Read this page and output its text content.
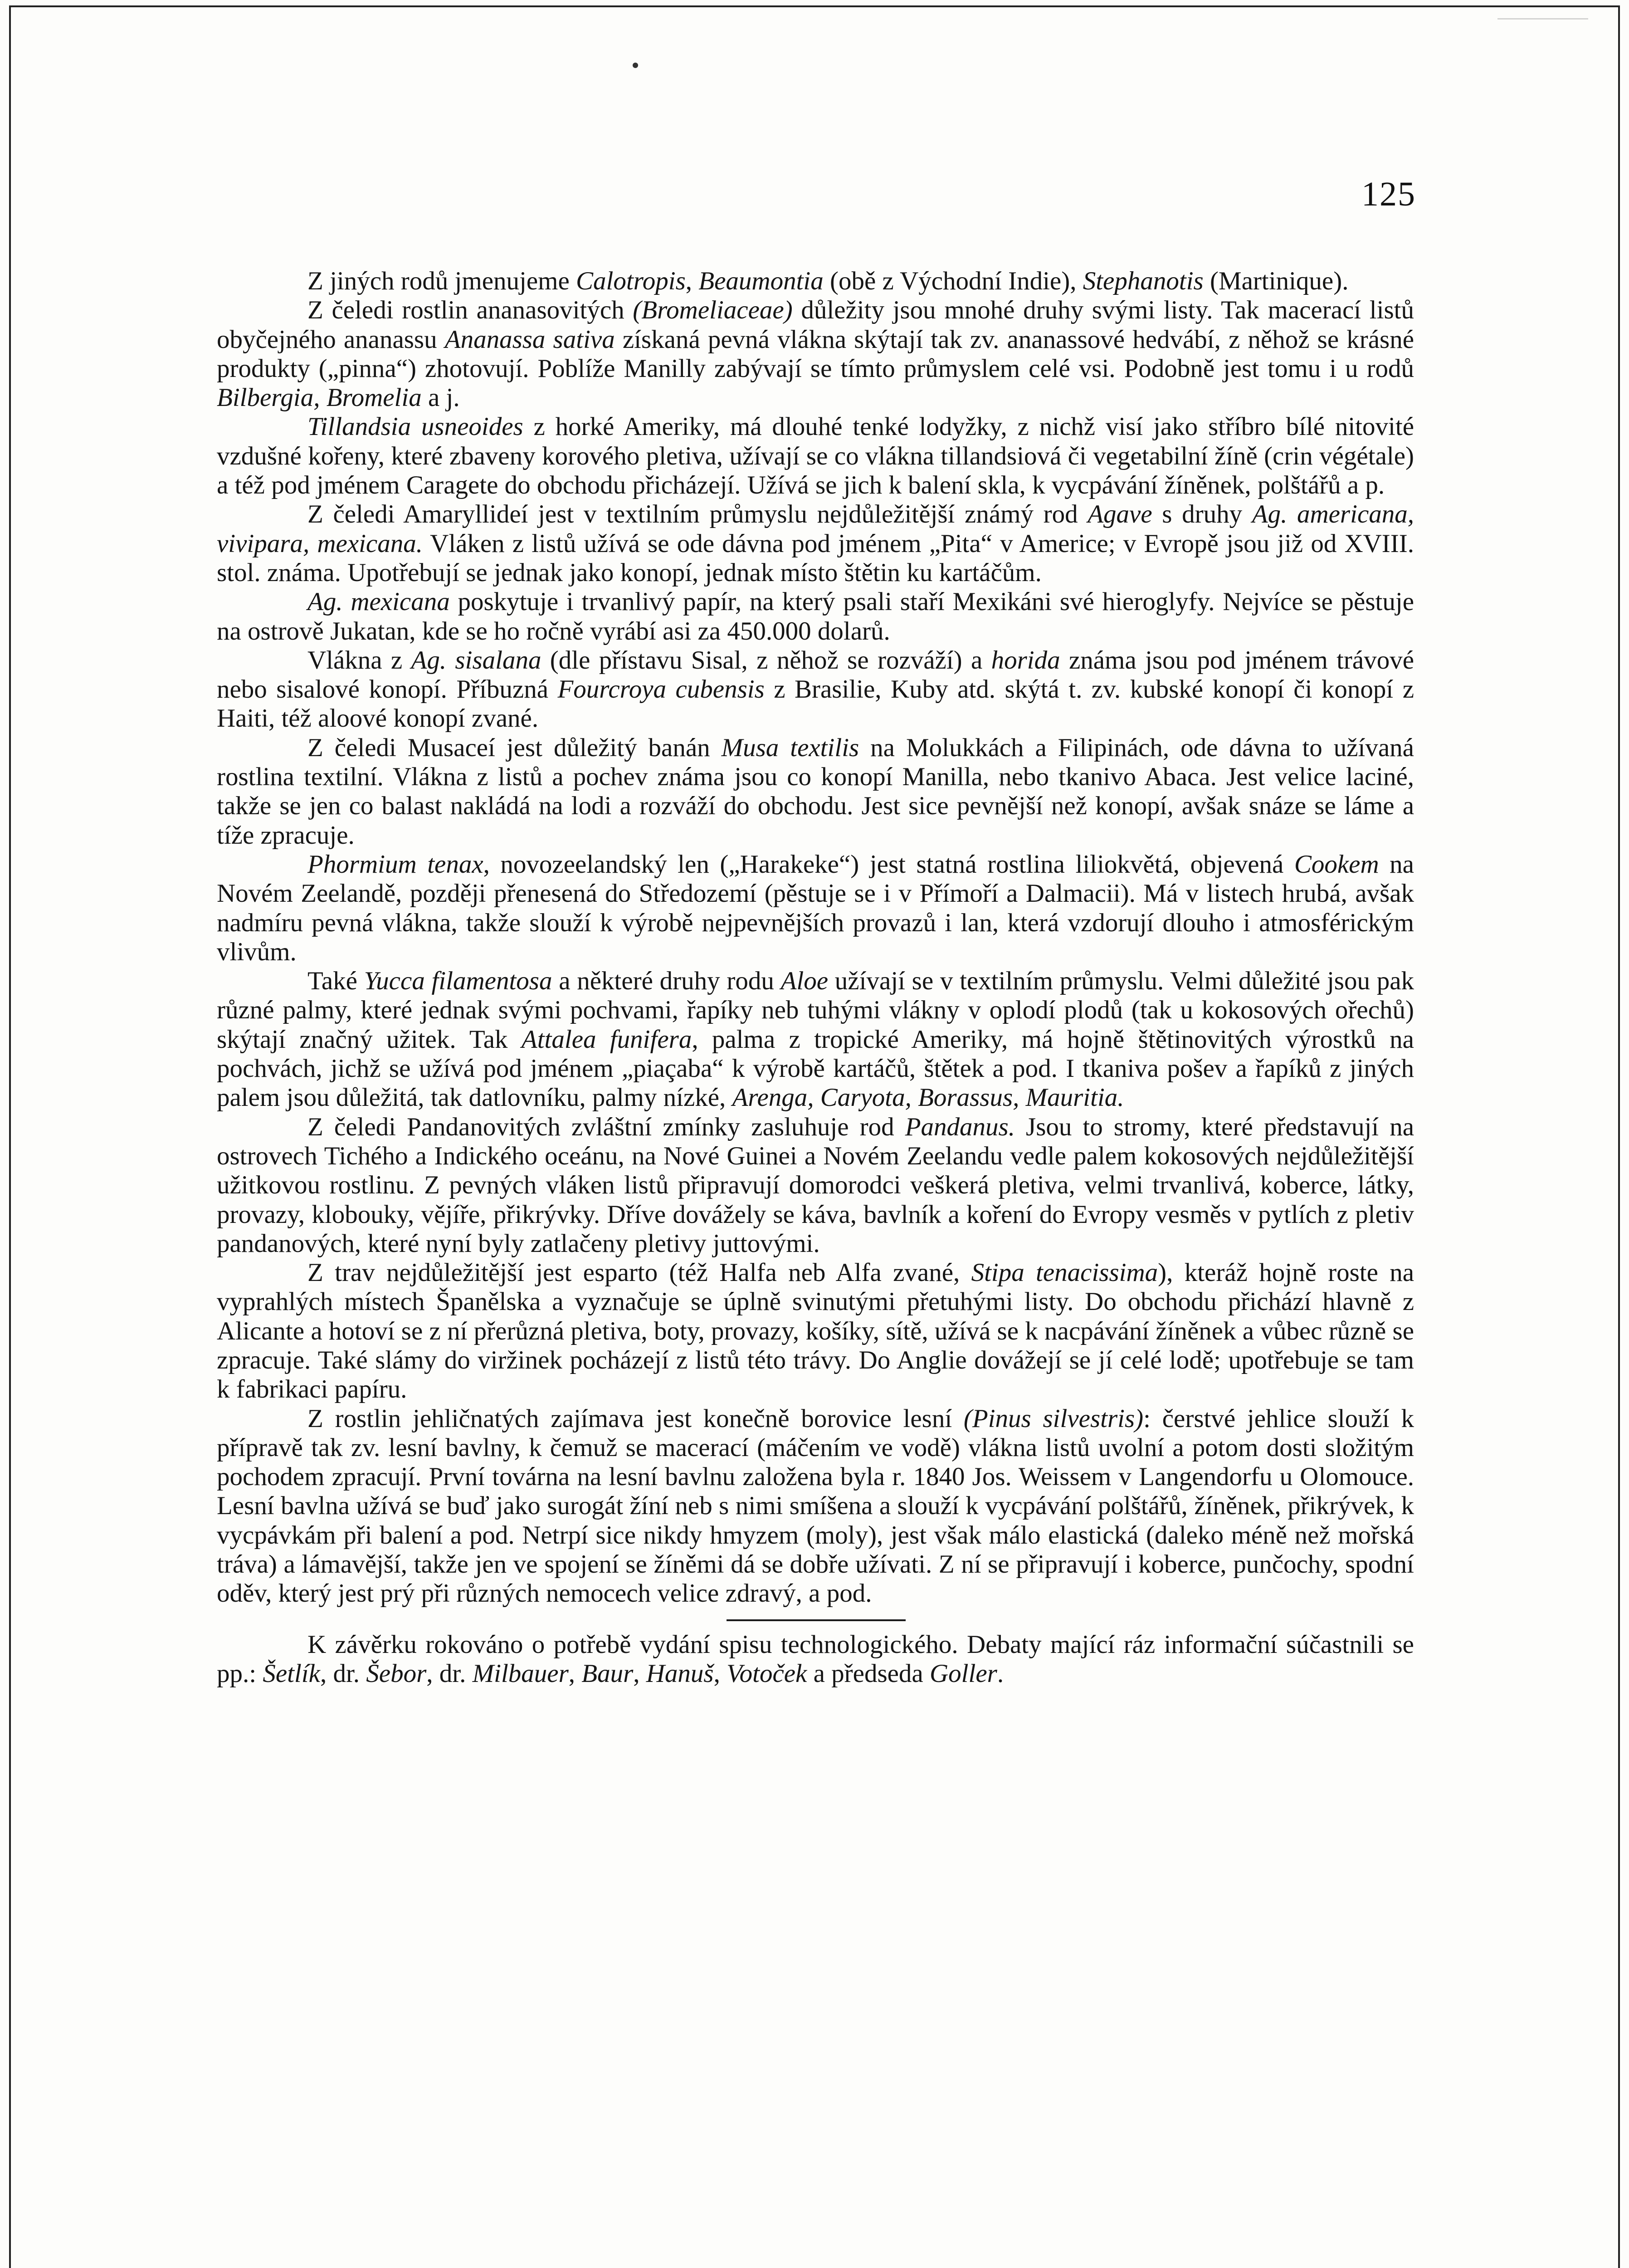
125

Z jiných rodů jmenujeme Calotropis, Beaumontia (obě z Východní Indie), Stephanotis (Martinique).

Z čeledi rostlin ananasovitých (Bromeliaceae) důležity jsou mnohé druhy svými listy. Tak macerací listů obyčejného ananassu Ananassa sativa získaná pevná vlákna skýtají tak zv. ananassové hedvábí, z něhož se krásné produkty („pinna“) zhotovují. Poblíže Manilly zabývají se tímto průmyslem celé vsi. Podobně jest tomu i u rodů Bilbergia, Bromelia a j.

Tillandsia usneoides z horké Ameriky, má dlouhé tenké lodyžky, z nichž visí jako stříbro bílé nitovité vzdušné kořeny, které zbaveny korového pletiva, užívají se co vlákna tillandsiová či vegetabilní žíně (crin végétale) a též pod jménem Caragete do obchodu přicházejí. Užívá se jich k balení skla, k vycpávání žíněnek, polštářů a p.

Z čeledi Amaryllideí jest v textilním průmyslu nejdůležitější známý rod Agave s druhy Ag. americana, vivipara, mexicana. Vláken z listů užívá se ode dávna pod jménem „Pita“ v Americe; v Evropě jsou již od XVIII. stol. známa. Upotřebují se jednak jako konopí, jednak místo štětin ku kartáčům.

Ag. mexicana poskytuje i trvanlivý papír, na který psali staří Mexikáni své hieroglyfy. Nejvíce se pěstuje na ostrově Jukatan, kde se ho ročně vyrábí asi za 450.000 dolarů.

Vlákna z Ag. sisalana (dle přístavu Sisal, z něhož se rozváží) a horida známa jsou pod jménem trávové nebo sisalové konopí. Příbuzná Fourcroya cubensis z Brasilie, Kuby atd. skýtá t. zv. kubské konopí či konopí z Haiti, též aloové konopí zvané.

Z čeledi Musaceí jest důležitý banán Musa textilis na Molukkách a Filipinách, ode dávna to užívaná rostlina textilní. Vlákna z listů a pochev známa jsou co konopí Manilla, nebo tkanivo Abaca. Jest velice laciné, takže se jen co balast nakládá na lodi a rozváží do obchodu. Jest sice pevnější než konopí, avšak snáze se láme a tíže zpracuje.

Phormium tenax, novozeelandský len („Harakeke“) jest statná rostlina liliokvětá, objevená Cookem na Novém Zeelandě, později přenesená do Středozemí (pěstuje se i v Přímoří a Dalmacii). Má v listech hrubá, avšak nadmíru pevná vlákna, takže slouží k výrobě nejpevnějších provazů i lan, která vzdorují dlouho i atmosférickým vlivům.

Také Yucca filamentosa a některé druhy rodu Aloe užívají se v textilním průmyslu. Velmi důležité jsou pak různé palmy, které jednak svými pochvami, řapíky neb tuhými vlákny v oplodí plodů (tak u kokosových ořechů) skýtají značný užitek. Tak Attalea funifera, palma z tropické Ameriky, má hojně štětinovitých výrostků na pochvách, jichž se užívá pod jménem „piaçaba“ k výrobě kartáčů, štětek a pod. I tkaniva pošev a řapíků z jiných palem jsou důležitá, tak datlovníku, palmy nízké, Arenga, Caryota, Borassus, Mauritia.

Z čeledi Pandanovitých zvláštní zmínky zasluhuje rod Pandanus. Jsou to stromy, které představují na ostrovech Tichého a Indického oceánu, na Nové Guinei a Novém Zeelandu vedle palem kokosových nejdůležitější užitkovou rostlinu. Z pevných vláken listů připravují domorodci veškerá pletiva, velmi trvanlivá, koberce, látky, provazy, klobouky, vějíře, přikrývky. Dříve dovážely se káva, bavlník a koření do Evropy vesměs v pytlích z pletiv pandanových, které nyní byly zatlačeny pletivy juttovými.

Z trav nejdůležitější jest esparto (též Halfa neb Alfa zvané, Stipa tenacissima), kteráž hojně roste na vyprahlých místech Španělska a vyznačuje se úplně svinutými přetuhými listy. Do obchodu přichází hlavně z Alicante a hotoví se z ní přerůzná pletiva, boty, provazy, košíky, sítě, užívá se k nacpávání žíněnek a vůbec různě se zpracuje. Také slámy do viržinek pocházejí z listů této trávy. Do Anglie dovážejí se jí celé lodě; upotřebuje se tam k fabrikaci papíru.

Z rostlin jehličnatých zajímava jest konečně borovice lesní (Pinus silvestris): čerstvé jehlice slouží k přípravě tak zv. lesní bavlny, k čemuž se macerací (máčením ve vodě) vlákna listů uvolní a potom dosti složitým pochodem zpracují. První továrna na lesní bavlnu založena byla r. 1840 Jos. Weissem v Langendorfu u Olomouce. Lesní bavlna užívá se buď jako surogát žíní neb s nimi smíšena a slouží k vycpávání polštářů, žíněnek, přikrývek, k vycpávkám při balení a pod. Netrpí sice nikdy hmyzem (moly), jest však málo elastická (daleko méně než mořská tráva) a lámavější, takže jen ve spojení se žíněmi dá se dobře užívati. Z ní se připravují i koberce, punčochy, spodní oděv, který jest prý při různých nemocech velice zdravý, a pod.

K závěrku rokováno o potřebě vydání spisu technologického. Debaty mající ráz informační súčastnili se pp.: Šetlík, dr. Šebor, dr. Milbauer, Baur, Hanuš, Votoček a předseda Goller.
